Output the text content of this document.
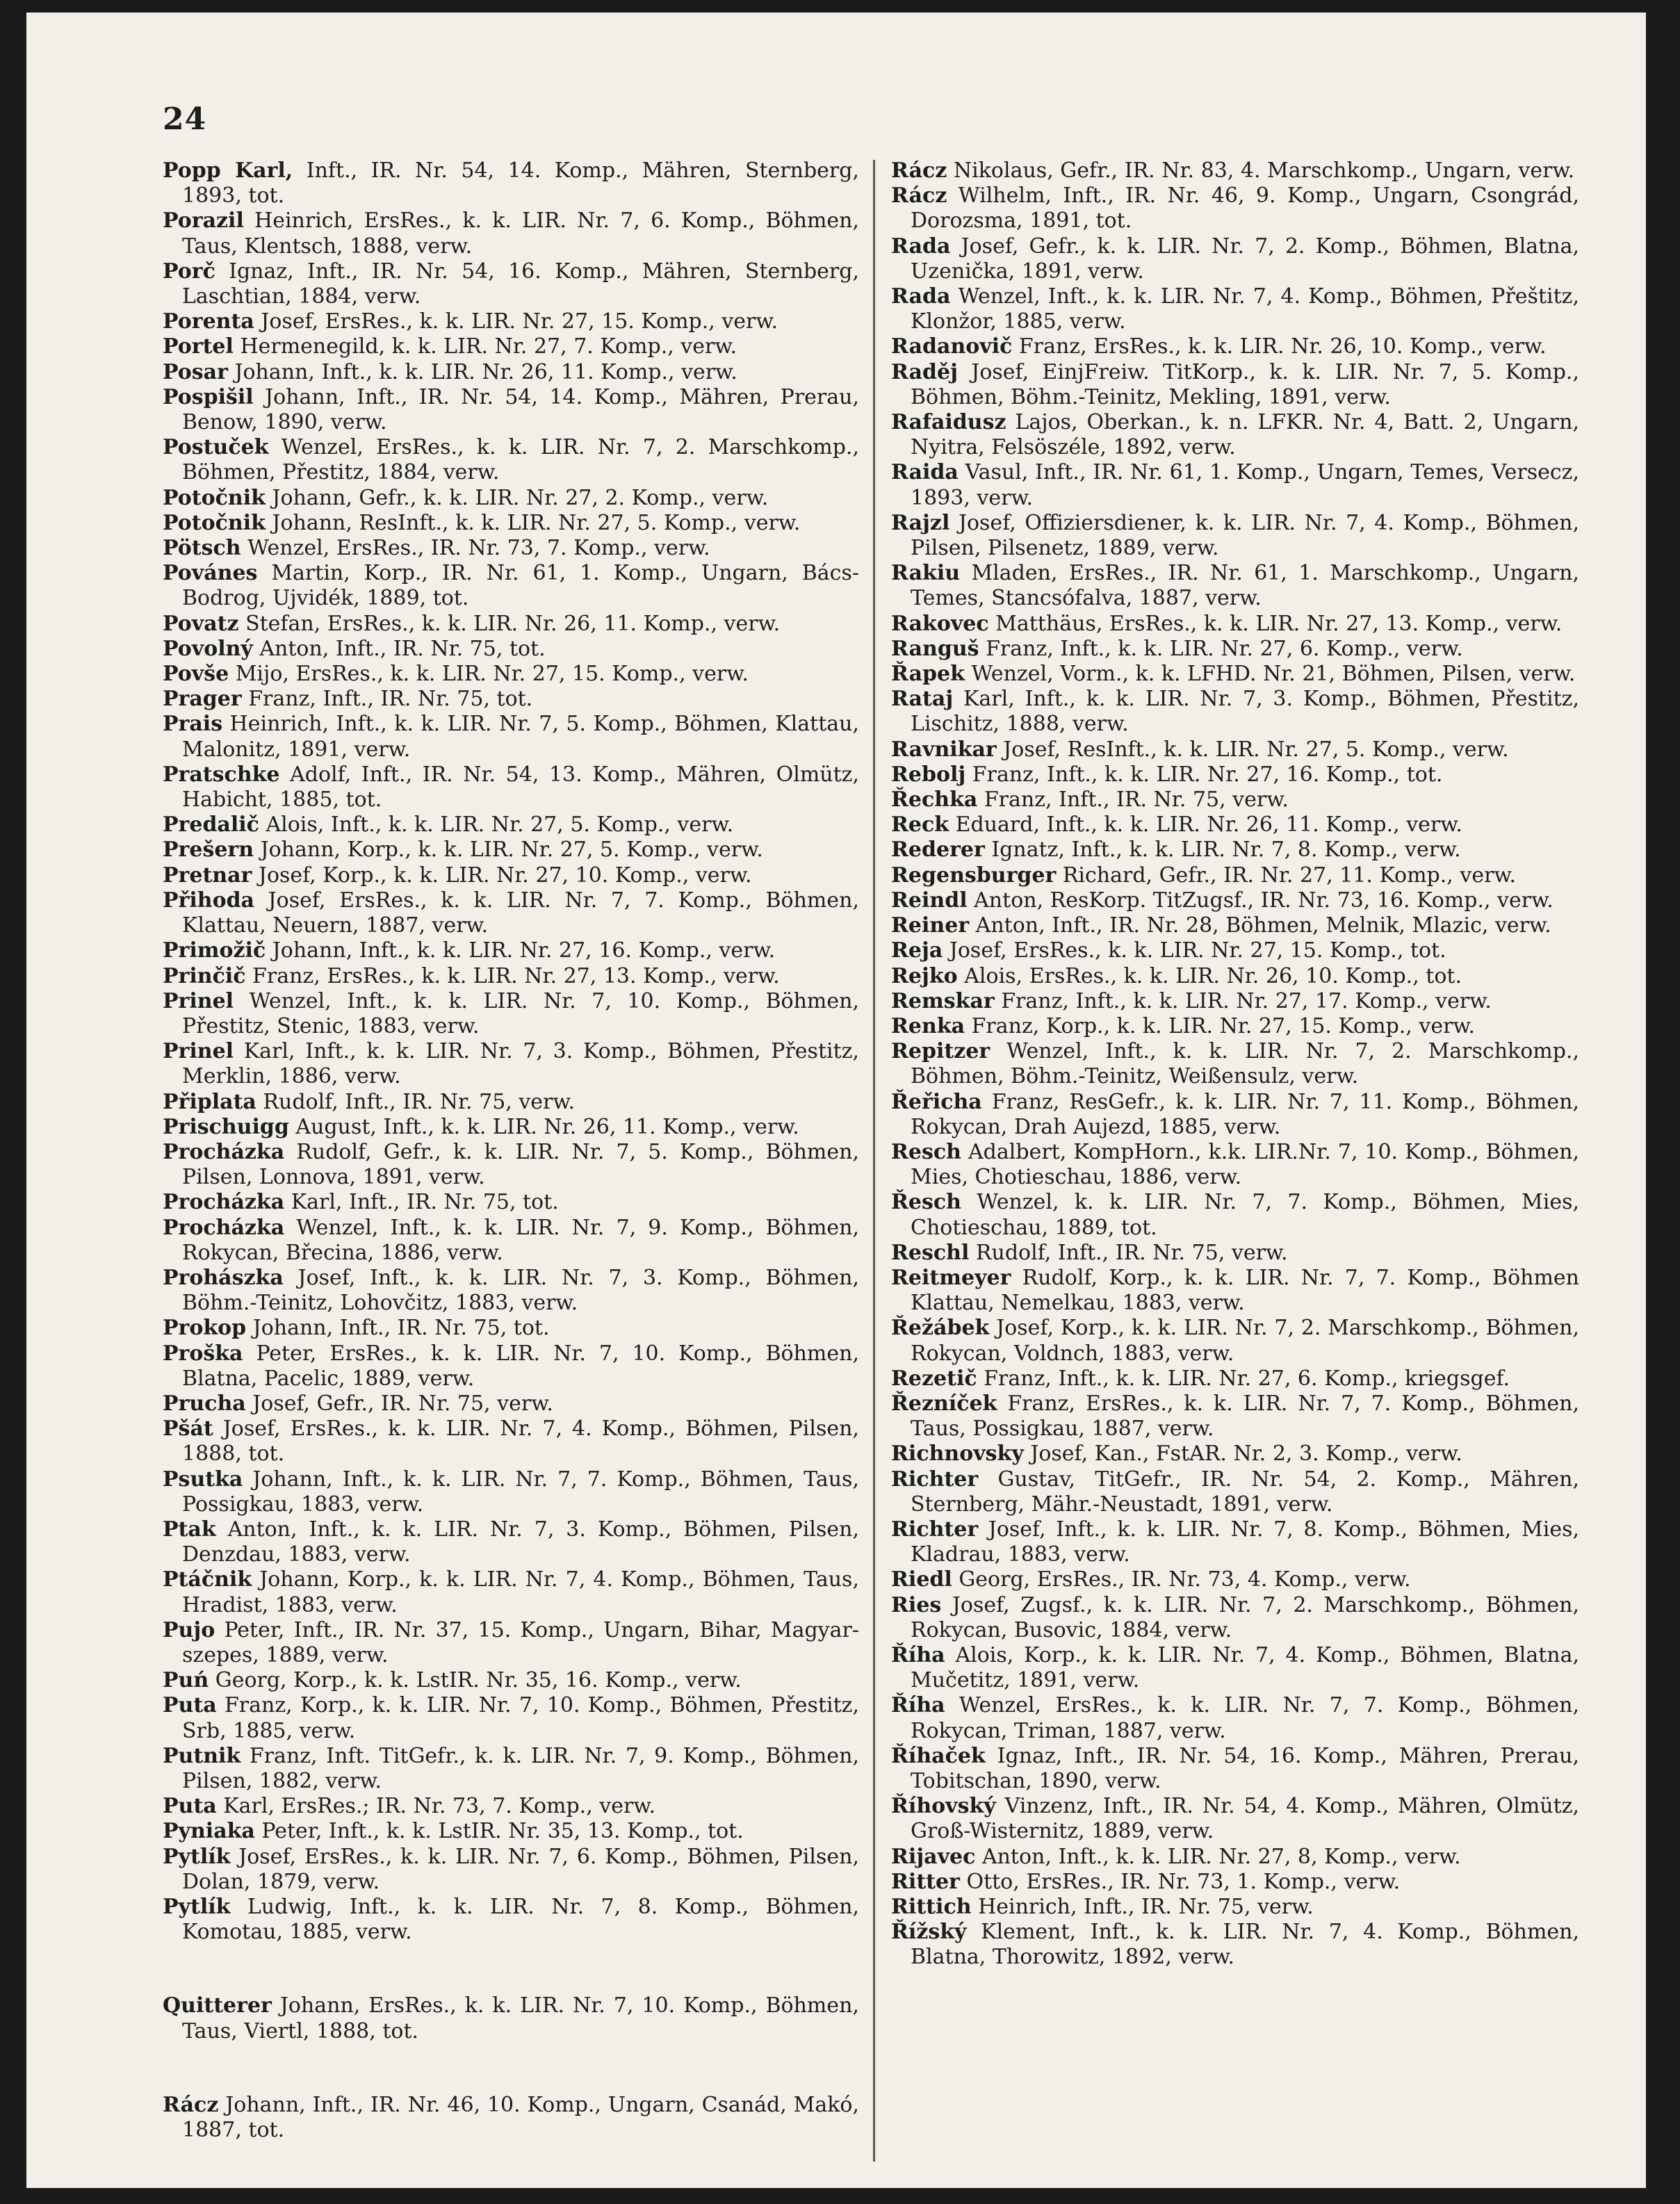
24

Popp Karl, Inft., IR. Nr. 54, 14. Komp., Mähren, Sternberg, 1893, tot.

Porazil Heinrich, ErsRes., k. k. LIR. Nr. 7, 6. Komp., Böhmen, Taus, Klentsch, 1888, verw.

Porč Ignaz, Inft., IR. Nr. 54, 16. Komp., Mähren, Sternberg, Laschtian, 1884, verw.

Porenta Josef, ErsRes., k. k. LIR. Nr. 27, 15. Komp., verw.

Portel Hermenegild, k. k. LIR. Nr. 27, 7. Komp., verw.

Posar Johann, Inft., k. k. LIR. Nr. 26, 11. Komp., verw.

Pospišil Johann, Inft., IR. Nr. 54, 14. Komp., Mähren, Prerau, Benow, 1890, verw.

Postuček Wenzel, ErsRes., k. k. LIR. Nr. 7, 2. Marschkomp., Böhmen, Přestitz, 1884, verw.

Potočnik Johann, Gefr., k. k. LIR. Nr. 27, 2. Komp., verw.

Potočnik Johann, ResInft., k. k. LIR. Nr. 27, 5. Komp., verw.

Pötsch Wenzel, ErsRes., IR. Nr. 73, 7. Komp., verw.

Povánes Martin, Korp., IR. Nr. 61, 1. Komp., Ungarn, Bács-Bodrog, Ujvidék, 1889, tot.

Povatz Stefan, ErsRes., k. k. LIR. Nr. 26, 11. Komp., verw.

Povolný Anton, Inft., IR. Nr. 75, tot.

Povše Mijo, ErsRes., k. k. LIR. Nr. 27, 15. Komp., verw.

Prager Franz, Inft., IR. Nr. 75, tot.

Prais Heinrich, Inft., k. k. LIR. Nr. 7, 5. Komp., Böhmen, Klattau, Malonitz, 1891, verw.

Pratschke Adolf, Inft., IR. Nr. 54, 13. Komp., Mähren, Olmütz, Habicht, 1885, tot.

Predalič Alois, Inft., k. k. LIR. Nr. 27, 5. Komp., verw.

Prešern Johann, Korp., k. k. LIR. Nr. 27, 5. Komp., verw.

Pretnar Josef, Korp., k. k. LIR. Nr. 27, 10. Komp., verw.

Přihoda Josef, ErsRes., k. k. LIR. Nr. 7, 7. Komp., Böhmen, Klattau, Neuern, 1887, verw.

Primožič Johann, Inft., k. k. LIR. Nr. 27, 16. Komp., verw.

Prinčič Franz, ErsRes., k. k. LIR. Nr. 27, 13. Komp., verw.

Prinel Wenzel, Inft., k. k. LIR. Nr. 7, 10. Komp., Böhmen, Přestitz, Stenic, 1883, verw.

Prinel Karl, Inft., k. k. LIR. Nr. 7, 3. Komp., Böhmen, Přestitz, Merklin, 1886, verw.

Připlata Rudolf, Inft., IR. Nr. 75, verw.

Prischuigg August, Inft., k. k. LIR. Nr. 26, 11. Komp., verw.

Procházka Rudolf, Gefr., k. k. LIR. Nr. 7, 5. Komp., Böhmen, Pilsen, Lonnova, 1891, verw.

Procházka Karl, Inft., IR. Nr. 75, tot.

Procházka Wenzel, Inft., k. k. LIR. Nr. 7, 9. Komp., Böhmen, Rokycan, Břecina, 1886, verw.

Prohászka Josef, Inft., k. k. LIR. Nr. 7, 3. Komp., Böhmen, Böhm.-Teinitz, Lohovčitz, 1883, verw.

Prokop Johann, Inft., IR. Nr. 75, tot.

Proška Peter, ErsRes., k. k. LIR. Nr. 7, 10. Komp., Böhmen, Blatna, Pacelic, 1889, verw.

Prucha Josef, Gefr., IR. Nr. 75, verw.

Pšát Josef, ErsRes., k. k. LIR. Nr. 7, 4. Komp., Böhmen, Pilsen, 1888, tot.

Psutka Johann, Inft., k. k. LIR. Nr. 7, 7. Komp., Böhmen, Taus, Possigkau, 1883, verw.

Ptak Anton, Inft., k. k. LIR. Nr. 7, 3. Komp., Böhmen, Pilsen, Denzdau, 1883, verw.

Ptáčnik Johann, Korp., k. k. LIR. Nr. 7, 4. Komp., Böhmen, Taus, Hradist, 1883, verw.

Pujo Peter, Inft., IR. Nr. 37, 15. Komp., Ungarn, Bihar, Magyar-szepes, 1889, verw.

Puń Georg, Korp., k. k. LstIR. Nr. 35, 16. Komp., verw.

Puta Franz, Korp., k. k. LIR. Nr. 7, 10. Komp., Böhmen, Přestitz, Srb, 1885, verw.

Putnik Franz, Inft. TitGefr., k. k. LIR. Nr. 7, 9. Komp., Böhmen, Pilsen, 1882, verw.

Puta Karl, ErsRes.; IR. Nr. 73, 7. Komp., verw.

Pyniaka Peter, Inft., k. k. LstIR. Nr. 35, 13. Komp., tot.

Pytlík Josef, ErsRes., k. k. LIR. Nr. 7, 6. Komp., Böhmen, Pilsen, Dolan, 1879, verw.

Pytlík Ludwig, Inft., k. k. LIR. Nr. 7, 8. Komp., Böhmen, Komotau, 1885, verw.

Quitterer Johann, ErsRes., k. k. LIR. Nr. 7, 10. Komp., Böhmen, Taus, Viertl, 1888, tot.

Rácz Johann, Inft., IR. Nr. 46, 10. Komp., Ungarn, Csanád, Makó, 1887, tot.

Rácz Nikolaus, Gefr., IR. Nr. 83, 4. Marschkomp., Ungarn, verw.

Rácz Wilhelm, Inft., IR. Nr. 46, 9. Komp., Ungarn, Csongrád, Dorozsma, 1891, tot.

Rada Josef, Gefr., k. k. LIR. Nr. 7, 2. Komp., Böhmen, Blatna, Uzenička, 1891, verw.

Rada Wenzel, Inft., k. k. LIR. Nr. 7, 4. Komp., Böhmen, Přeštitz, Klonžor, 1885, verw.

Radanovič Franz, ErsRes., k. k. LIR. Nr. 26, 10. Komp., verw.

Raděj Josef, EinjFreiw. TitKorp., k. k. LIR. Nr. 7, 5. Komp., Böhmen, Böhm.-Teinitz, Mekling, 1891, verw.

Rafaidusz Lajos, Oberkan., k. n. LFKR. Nr. 4, Batt. 2, Ungarn, Nyitra, Felsöszéle, 1892, verw.

Raida Vasul, Inft., IR. Nr. 61, 1. Komp., Ungarn, Temes, Versecz, 1893, verw.

Rajzl Josef, Offiziersdiener, k. k. LIR. Nr. 7, 4. Komp., Böhmen, Pilsen, Pilsenetz, 1889, verw.

Rakiu Mladen, ErsRes., IR. Nr. 61, 1. Marschkomp., Ungarn, Temes, Stancsófalva, 1887, verw.

Rakovec Matthäus, ErsRes., k. k. LIR. Nr. 27, 13. Komp., verw.

Ranguš Franz, Inft., k. k. LIR. Nr. 27, 6. Komp., verw.

Řapek Wenzel, Vorm., k. k. LFHD. Nr. 21, Böhmen, Pilsen, verw.

Rataj Karl, Inft., k. k. LIR. Nr. 7, 3. Komp., Böhmen, Přestitz, Lischitz, 1888, verw.

Ravnikar Josef, ResInft., k. k. LIR. Nr. 27, 5. Komp., verw.

Rebolj Franz, Inft., k. k. LIR. Nr. 27, 16. Komp., tot.

Řechka Franz, Inft., IR. Nr. 75, verw.

Reck Eduard, Inft., k. k. LIR. Nr. 26, 11. Komp., verw.

Rederer Ignatz, Inft., k. k. LIR. Nr. 7, 8. Komp., verw.

Regensburger Richard, Gefr., IR. Nr. 27, 11. Komp., verw.

Reindl Anton, ResKorp. TitZugsf., IR. Nr. 73, 16. Komp., verw.

Reiner Anton, Inft., IR. Nr. 28, Böhmen, Melnik, Mlazic, verw.

Reja Josef, ErsRes., k. k. LIR. Nr. 27, 15. Komp., tot.

Rejko Alois, ErsRes., k. k. LIR. Nr. 26, 10. Komp., tot.

Remskar Franz, Inft., k. k. LIR. Nr. 27, 17. Komp., verw.

Renka Franz, Korp., k. k. LIR. Nr. 27, 15. Komp., verw.

Repitzer Wenzel, Inft., k. k. LIR. Nr. 7, 2. Marschkomp., Böhmen, Böhm.-Teinitz, Weißensulz, verw.

Řeřicha Franz, ResGefr., k. k. LIR. Nr. 7, 11. Komp., Böhmen, Rokycan, Drah Aujezd, 1885, verw.

Resch Adalbert, KompHorn., k.k. LIR.Nr. 7, 10. Komp., Böhmen, Mies, Chotieschau, 1886, verw.

Řesch Wenzel, k. k. LIR. Nr. 7, 7. Komp., Böhmen, Mies, Chotieschau, 1889, tot.

Reschl Rudolf, Inft., IR. Nr. 75, verw.

Reitmeyer Rudolf, Korp., k. k. LIR. Nr. 7, 7. Komp., Böhmen Klattau, Nemelkau, 1883, verw.

Řežábek Josef, Korp., k. k. LIR. Nr. 7, 2. Marschkomp., Böhmen, Rokycan, Voldnch, 1883, verw.

Rezetič Franz, Inft., k. k. LIR. Nr. 27, 6. Komp., kriegsgef.

Řezníček Franz, ErsRes., k. k. LIR. Nr. 7, 7. Komp., Böhmen, Taus, Possigkau, 1887, verw.

Richnovsky Josef, Kan., FstAR. Nr. 2, 3. Komp., verw.

Richter Gustav, TitGefr., IR. Nr. 54, 2. Komp., Mähren, Sternberg, Mähr.-Neustadt, 1891, verw.

Richter Josef, Inft., k. k. LIR. Nr. 7, 8. Komp., Böhmen, Mies, Kladrau, 1883, verw.

Riedl Georg, ErsRes., IR. Nr. 73, 4. Komp., verw.

Ries Josef, Zugsf., k. k. LIR. Nr. 7, 2. Marschkomp., Böhmen, Rokycan, Busovic, 1884, verw.

Říha Alois, Korp., k. k. LIR. Nr. 7, 4. Komp., Böhmen, Blatna, Mučetitz, 1891, verw.

Říha Wenzel, ErsRes., k. k. LIR. Nr. 7, 7. Komp., Böhmen, Rokycan, Triman, 1887, verw.

Říhaček Ignaz, Inft., IR. Nr. 54, 16. Komp., Mähren, Prerau, Tobitschan, 1890, verw.

Říhovský Vinzenz, Inft., IR. Nr. 54, 4. Komp., Mähren, Olmütz, Groß-Wisternitz, 1889, verw.

Rijavec Anton, Inft., k. k. LIR. Nr. 27, 8, Komp., verw.

Ritter Otto, ErsRes., IR. Nr. 73, 1. Komp., verw.

Rittich Heinrich, Inft., IR. Nr. 75, verw.

Řížský Klement, Inft., k. k. LIR. Nr. 7, 4. Komp., Böhmen, Blatna, Thorowitz, 1892, verw.
